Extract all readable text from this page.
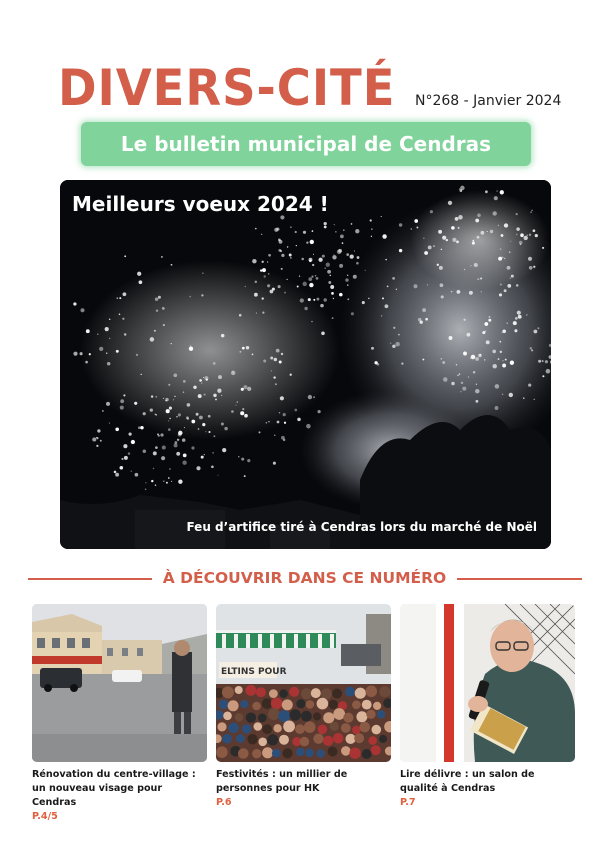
DIVERS-CITÉ N°268 - Janvier 2024
Le bulletin municipal de Cendras
Meilleurs voeux 2024 !
Feu d’artifice tiré à Cendras lors du marché de Noël
À DÉCOUVRIR DANS CE NUMÉRO
Rénovation du centre-village : un nouveau visage pour Cendras
P.4/5
ELTINS POUR
Festivités : un millier de personnes pour HK
P.6
Lire délivre : un salon de qualité à Cendras
P.7
